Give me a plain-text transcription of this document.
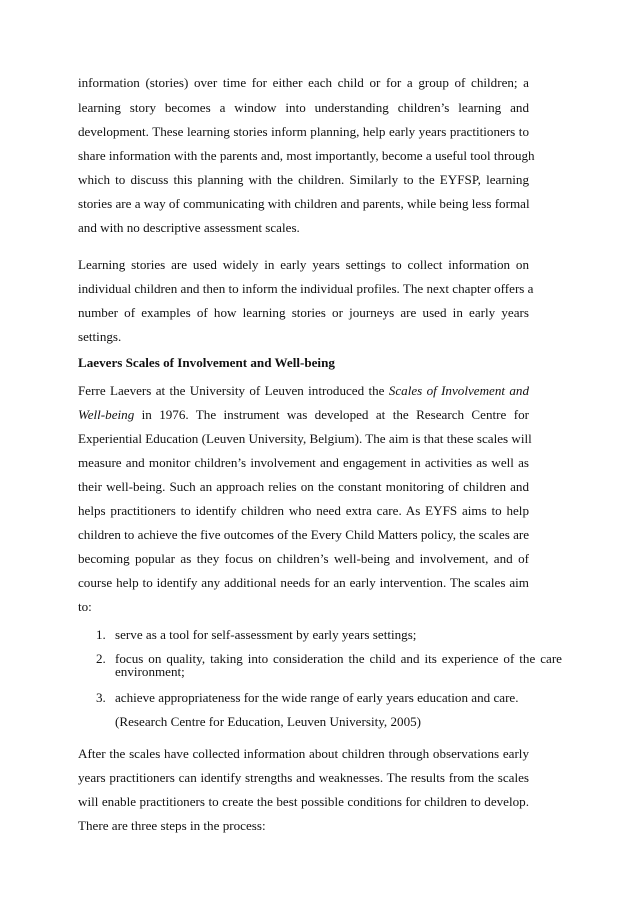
information (stories) over time for either each child or for a group of children; a
learning story becomes a window into understanding children’s learning and
development. These learning stories inform planning, help early years practitioners to
share information with the parents and, most importantly, become a useful tool through
which to discuss this planning with the children. Similarly to the EYFSP, learning
stories are a way of communicating with children and parents, while being less formal
and with no descriptive assessment scales.
Learning stories are used widely in early years settings to collect information on
individual children and then to inform the individual profiles. The next chapter offers a
number of examples of how learning stories or journeys are used in early years
settings.
Laevers Scales of Involvement and Well-being
Ferre Laevers at the University of Leuven introduced the Scales of Involvement and
Well-being in 1976. The instrument was developed at the Research Centre for
Experiential Education (Leuven University, Belgium). The aim is that these scales will
measure and monitor children’s involvement and engagement in activities as well as
their well-being. Such an approach relies on the constant monitoring of children and
helps practitioners to identify children who need extra care. As EYFS aims to help
children to achieve the five outcomes of the Every Child Matters policy, the scales are
becoming popular as they focus on children’s well-being and involvement, and of
course help to identify any additional needs for an early intervention. The scales aim
to:
1. serve as a tool for self-assessment by early years settings;
2. focus on quality, taking into consideration the child and its experience of the care
environment;
3. achieve appropriateness for the wide range of early years education and care.
(Research Centre for Education, Leuven University, 2005)
After the scales have collected information about children through observations early
years practitioners can identify strengths and weaknesses. The results from the scales
will enable practitioners to create the best possible conditions for children to develop.
There are three steps in the process:
